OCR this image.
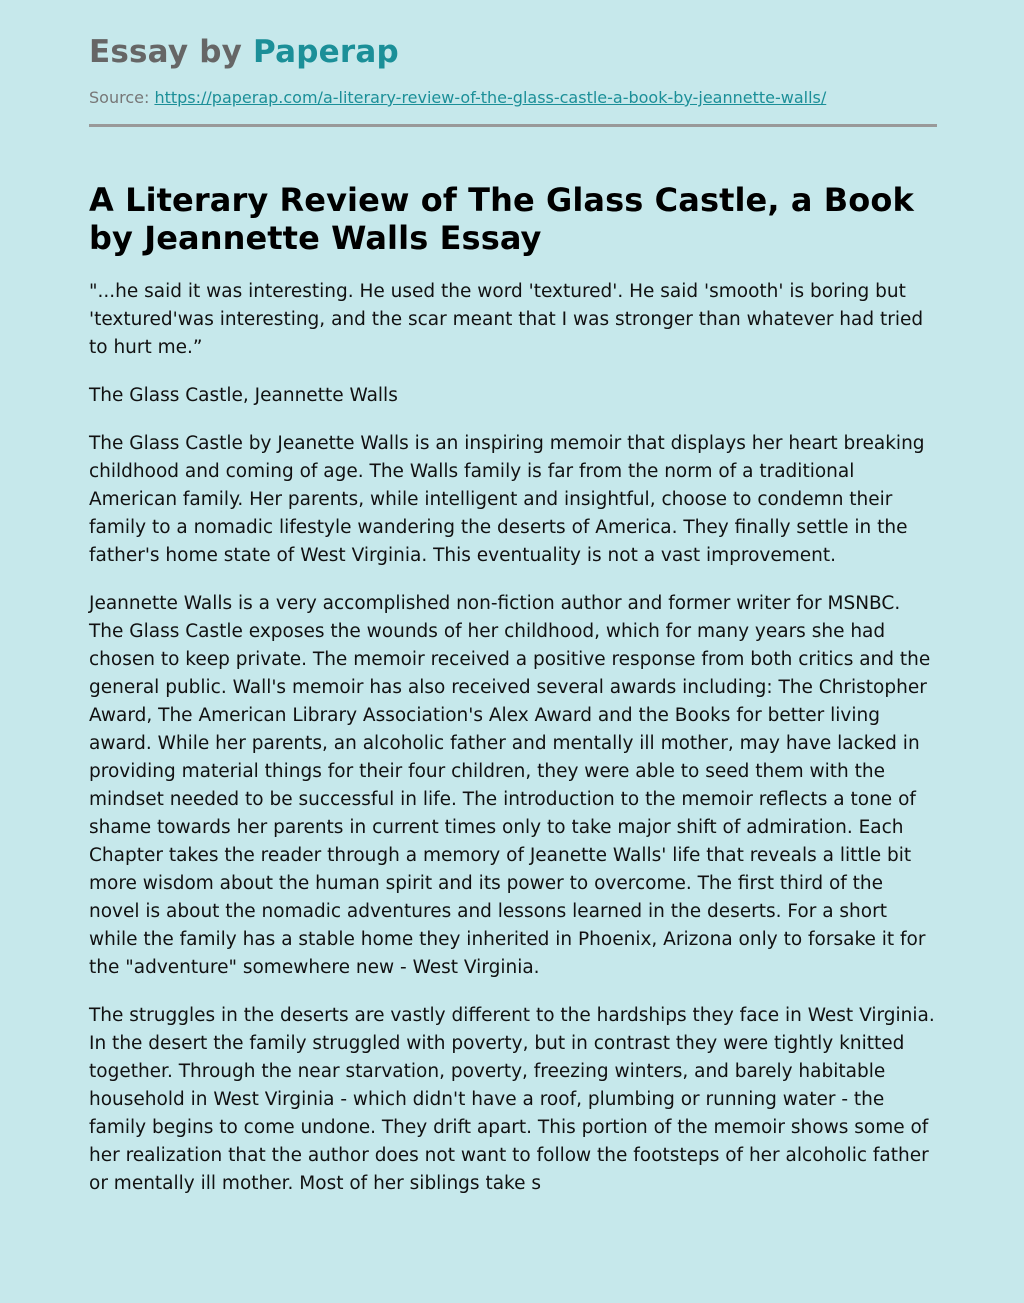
Essay by Paperap
Source: https://paperap.com/a-literary-review-of-the-glass-castle-a-book-by-jeannette-walls/
A Literary Review of The Glass Castle, a Book by Jeannette Walls Essay

"...he said it was interesting. He used the word 'textured'. He said 'smooth' is boring but 'textured'was interesting, and the scar meant that I was stronger than whatever had tried to hurt me.”

The Glass Castle, Jeannette Walls

The Glass Castle by Jeanette Walls is an inspiring memoir that displays her heart breaking childhood and coming of age. The Walls family is far from the norm of a traditional American family. Her parents, while intelligent and insightful, choose to condemn their family to a nomadic lifestyle wandering the deserts of America. They finally settle in the father's home state of West Virginia. This eventuality is not a vast improvement.

Jeannette Walls is a very accomplished non-fiction author and former writer for MSNBC. The Glass Castle exposes the wounds of her childhood, which for many years she had chosen to keep private. The memoir received a positive response from both critics and the general public. Wall's memoir has also received several awards including: The Christopher Award, The American Library Association's Alex Award and the Books for better living award. While her parents, an alcoholic father and mentally ill mother, may have lacked in providing material things for their four children, they were able to seed them with the mindset needed to be successful in life. The introduction to the memoir reflects a tone of shame towards her parents in current times only to take major shift of admiration. Each Chapter takes the reader through a memory of Jeanette Walls' life that reveals a little bit more wisdom about the human spirit and its power to overcome. The first third of the novel is about the nomadic adventures and lessons learned in the deserts. For a short while the family has a stable home they inherited in Phoenix, Arizona only to forsake it for the "adventure" somewhere new - West Virginia.

The struggles in the deserts are vastly different to the hardships they face in West Virginia. In the desert the family struggled with poverty, but in contrast they were tightly knitted together. Through the near starvation, poverty, freezing winters, and barely habitable household in West Virginia - which didn't have a roof, plumbing or running water - the family begins to come undone. They drift apart. This portion of the memoir shows some of her realization that the author does not want to follow the footsteps of her alcoholic father or mentally ill mother. Most of her siblings take s
